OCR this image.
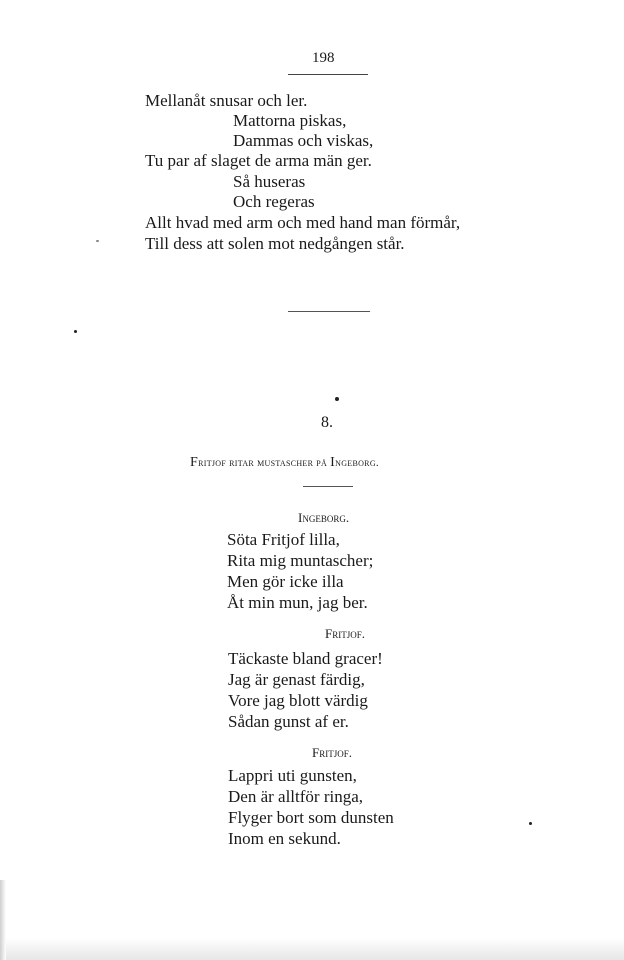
198
Mellanåt snusar och ler.
Mattorna piskas,
Dammas och viskas,
Tu par af slaget de arma män ger.
Så huseras
Och regeras
Allt hvad med arm och med hand man förmår,
Till dess att solen mot nedgången står.
8.
Fritjof ritar mustascher på Ingeborg.
Ingeborg.
Söta Fritjof lilla,
Rita mig muntascher;
Men gör icke illa
Åt min mun, jag ber.
Fritjof.
Täckaste bland gracer!
Jag är genast färdig,
Vore jag blott värdig
Sådan gunst af er.
Fritjof.
Lappri uti gunsten,
Den är alltför ringa,
Flyger bort som dunsten
Inom en sekund.
